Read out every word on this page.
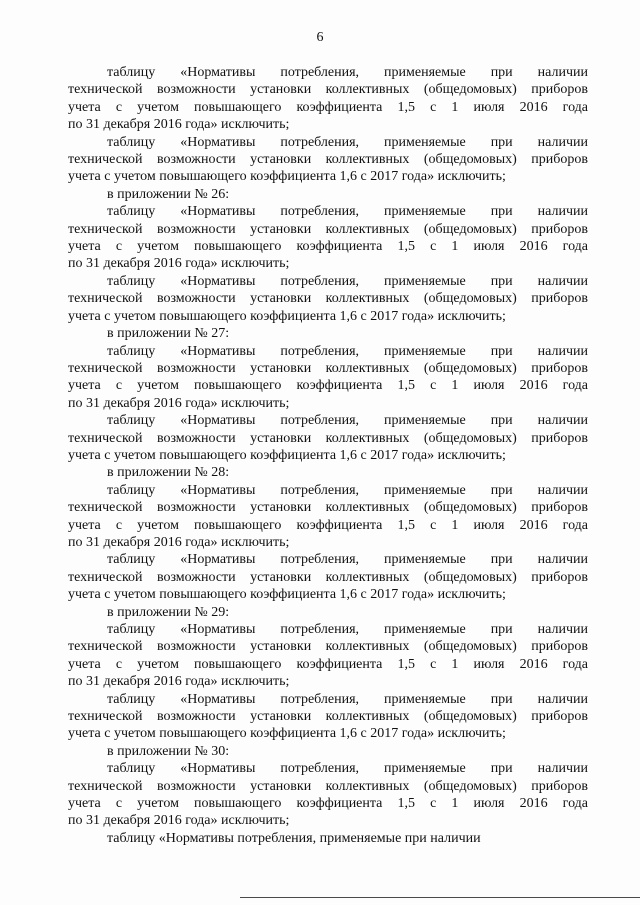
6
таблицу «Нормативы потребления, применяемые при наличии
технической возможности установки коллективных (общедомовых) приборов
учета с учетом повышающего коэффициента 1,5 с 1 июля 2016 года
по 31 декабря 2016 года» исключить;
таблицу «Нормативы потребления, применяемые при наличии
технической возможности установки коллективных (общедомовых) приборов
учета с учетом повышающего коэффициента 1,6 с 2017 года» исключить;

в приложении № 26:

таблицу «Нормативы потребления, применяемые при наличии
технической возможности установки коллективных (общедомовых) приборов
учета с учетом повышающего коэффициента 1,5 с 1 июля 2016 года
по 31 декабря 2016 года» исключить;
таблицу «Нормативы потребления, применяемые при наличии
технической возможности установки коллективных (общедомовых) приборов
учета с учетом повышающего коэффициента 1,6 с 2017 года» исключить;

в приложении № 27:

таблицу «Нормативы потребления, применяемые при наличии
технической возможности установки коллективных (общедомовых) приборов
учета с учетом повышающего коэффициента 1,5 с 1 июля 2016 года
по 31 декабря 2016 года» исключить;
таблицу «Нормативы потребления, применяемые при наличии
технической возможности установки коллективных (общедомовых) приборов
учета с учетом повышающего коэффициента 1,6 с 2017 года» исключить;

в приложении № 28:

таблицу «Нормативы потребления, применяемые при наличии
технической возможности установки коллективных (общедомовых) приборов
учета с учетом повышающего коэффициента 1,5 с 1 июля 2016 года
по 31 декабря 2016 года» исключить;
таблицу «Нормативы потребления, применяемые при наличии
технической возможности установки коллективных (общедомовых) приборов
учета с учетом повышающего коэффициента 1,6 с 2017 года» исключить;

в приложении № 29:

таблицу «Нормативы потребления, применяемые при наличии
технической возможности установки коллективных (общедомовых) приборов
учета с учетом повышающего коэффициента 1,5 с 1 июля 2016 года
по 31 декабря 2016 года» исключить;
таблицу «Нормативы потребления, применяемые при наличии
технической возможности установки коллективных (общедомовых) приборов
учета с учетом повышающего коэффициента 1,6 с 2017 года» исключить;

в приложении № 30:

таблицу «Нормативы потребления, применяемые при наличии
технической возможности установки коллективных (общедомовых) приборов
учета с учетом повышающего коэффициента 1,5 с 1 июля 2016 года
по 31 декабря 2016 года» исключить;
таблицу «Нормативы потребления, применяемые при наличии
